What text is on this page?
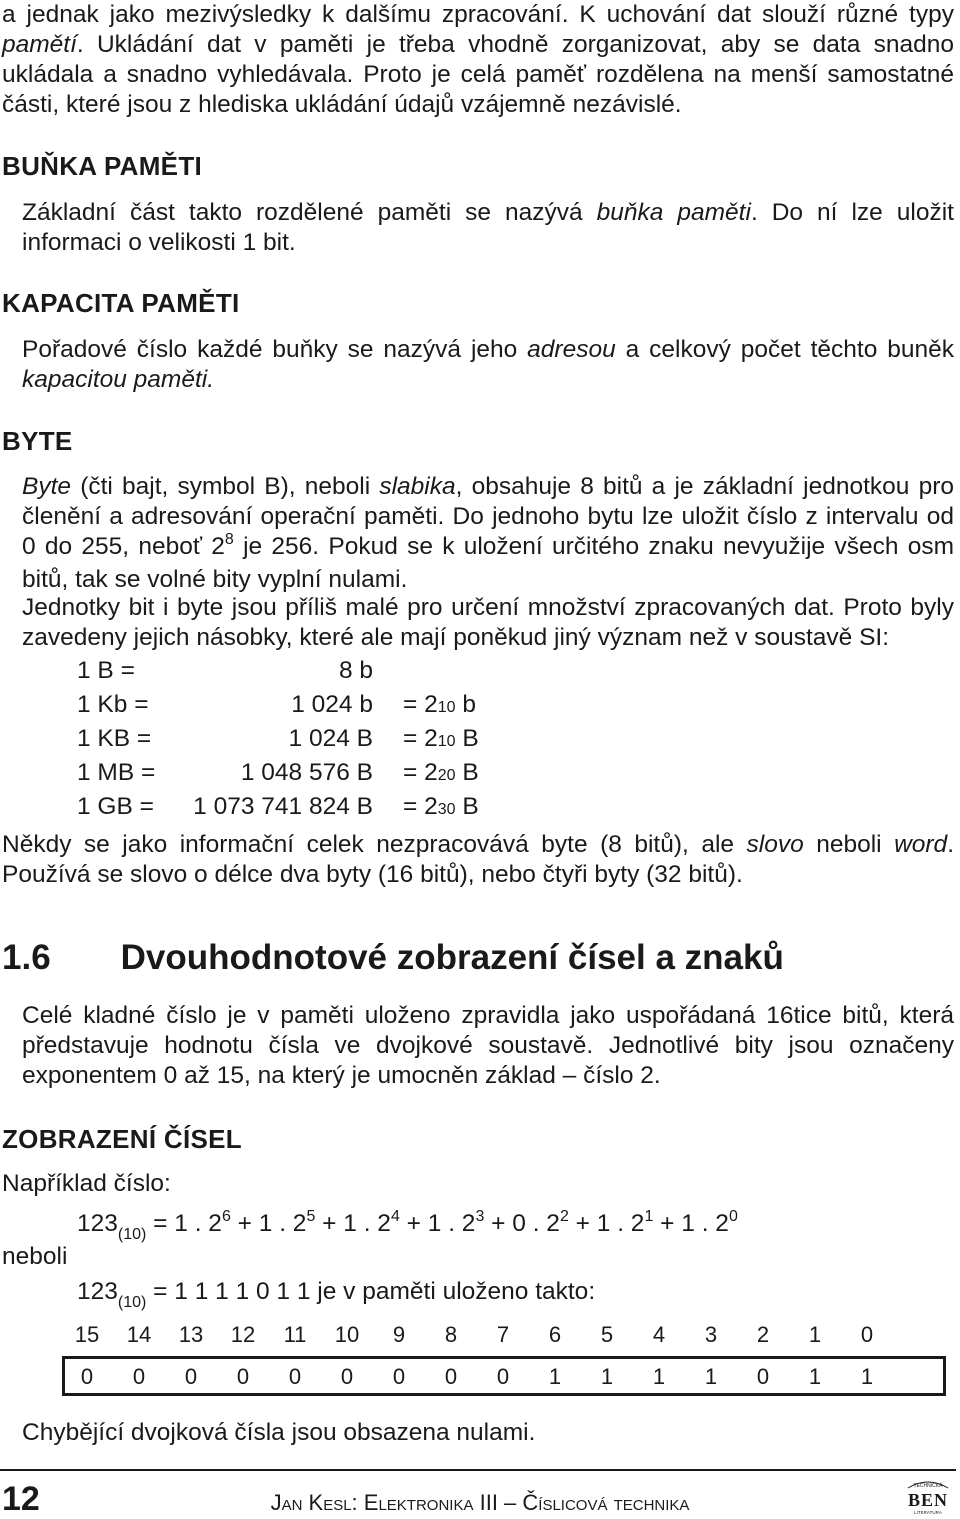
a jednak jako mezivýsledky k dalšímu zpracování. K uchování dat slouží různé typy pamětí. Ukládání dat v paměti je třeba vhodně zorganizovat, aby se data snadno ukládala a snadno vyhledávala. Proto je celá paměť rozdělena na menší samostatné části, které jsou z hlediska ukládání údajů vzájemně nezávislé.
BUŇKA PAMĚTI
Základní část takto rozdělené paměti se nazývá buňka paměti. Do ní lze uložit informaci o velikosti 1 bit.
KAPACITA PAMĚTI
Pořadové číslo každé buňky se nazývá jeho adresou a celkový počet těchto buněk kapacitou paměti.
BYTE
Byte (čti bajt, symbol B), neboli slabika, obsahuje 8 bitů a je základní jednotkou pro členění a adresování operační paměti. Do jednoho bytu lze uložit číslo z intervalu od 0 do 255, neboť $2^8$ je 256. Pokud se k uložení určitého znaku nevyužije všech osm bitů, tak se volné bity vyplní nulami.
Jednotky bit i byte jsou příliš malé pro určení množství zpracovaných dat. Proto byly zavedeny jejich násobky, které ale mají poněkud jiný význam než v soustavě SI:
1 B =	8 b
1 Kb =	1 024 b = 210 b
1 KB =	1 024 B = 210 B
1 MB =	1 048 576 B = 220 B
1 GB = 1 073 741 824 B = 230 B
Někdy se jako informační celek nezpracovává byte (8 bitů), ale slovo neboli word. Používá se slovo o délce dva byty (16 bitů), nebo čtyři byty (32 bitů).
1.6 Dvouhodnotové zobrazení čísel a znaků
Celé kladné číslo je v paměti uloženo zpravidla jako uspořádaná 16tice bitů, která představuje hodnotu čísla ve dvojkové soustavě. Jednotlivé bity jsou označeny exponentem 0 až 15, na který je umocněn základ – číslo 2.
ZOBRAZENÍ ČÍSEL
Například číslo:
$123_{(10)} = 1$ . $2^6 + 1$ . $2^5 + 1$ . $2^4 + 1$ . $2^3 + 0$ . $2^2 + 1$ . $2^1 + 1$ . $2^0$
neboli
$123_{(10)} = 1$ 1 1 1 0 1 1 je v paměti uloženo takto:
15	14	13	12	11	10	9	8	7	6	5	4	3	2	1	0
0	0	0	0	0	0	0	0	0	1	1	1	1	0	1	1
Chybějící dvojková čísla jsou obsazena nulami.
12	Jan Kesl: Elektronika III – Číslicová technika
TECHNICKÁ
BEN
LITERATURA
